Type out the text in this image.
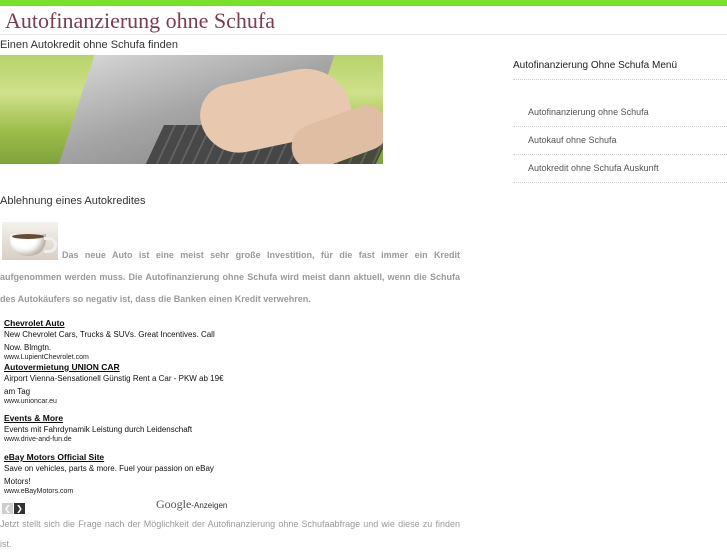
Autofinanzierung ohne Schufa
Einen Autokredit ohne Schufa finden
Ablehnung eines Autokredites

Das neue Auto ist eine meist sehr große Investition, für die fast immer ein Kredit aufgenommen werden muss. Die Autofinanzierung ohne Schufa wird meist dann aktuell, wenn die Schufa des Autokäufers so negativ ist, dass die Banken einen Kredit verwehren.

Chevrolet Auto
New Chevrolet Cars, Trucks & SUVs. Great Incentives. Call Now. Blmgtn.
www.LupientChevrolet.com
Autovermietung UNION CAR
Airport Vienna-Sensationell Günstig Rent a Car - PKW ab 19€ am Tag
www.unioncar.eu
Events & More
Events mit Fahrdynamik Leistung durch Leidenschaft
www.drive-and-fun.de
eBay Motors Official Site
Save on vehicles, parts & more. Fuel your passion on eBay Motors!
www.eBayMotors.com
❮ ❯	Google-Anzeigen

Jetzt stellt sich die Frage nach der Möglichkeit der Autofinanzierung ohne Schufaabfrage und wie diese zu finden ist.

Autofinanzierung Ohne Schufa Menü
Autofinanzierung ohne Schufa
Autokauf ohne Schufa
Autokredit ohne Schufa Auskunft
